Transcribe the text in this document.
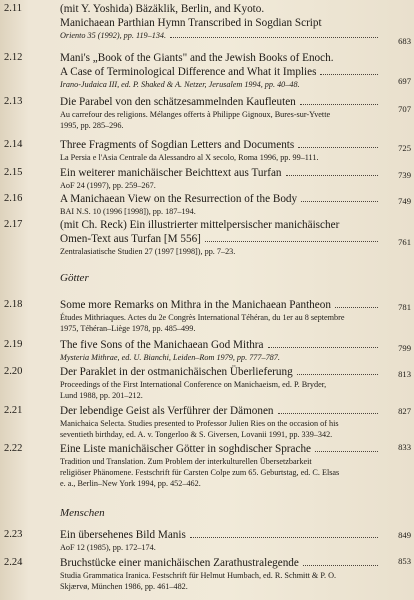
2.11	(mit Y. Yoshida) Bäzäklik, Berlin, and Kyoto.
Manichaean Parthian Hymn Transcribed in Sogdian Script
Oriento 35 (1992), pp. 119–134.
683
2.12	Mani's „Book of the Giants" and the Jewish Books of Enoch.
A Case of Terminological Difference and What it Implies
Irano-Judaica III, ed. P. Shaked & A. Netzer, Jerusalem 1994, pp. 40–48.	697
2.13	Die Parabel von den schätzesammelnden Kaufleuten
Au carrefour des religions. Mélanges offerts à Philippe Gignoux, Bures-sur-Yvette
1995, pp. 285–296.
707
2.14	Three Fragments of Sogdian Letters and Documents
La Persia e l'Asia Centrale da Alessandro al X secolo, Roma 1996, pp. 99–111.
725
2.15	Ein weiterer manichäischer Beichttext aus Turfan
AoF 24 (1997), pp. 259–267.
739
2.16	A Manichaean View on the Resurrection of the Body
BAI N.S. 10 (1996 [1998]), pp. 187–194.
749
2.17	(mit Ch. Reck) Ein illustrierter mittelpersischer manichäischer
Omen-Text aus Turfan [M 556]
Zentralasiatische Studien 27 (1997 [1998]), pp. 7–23.
761
Götter
2.18	Some more Remarks on Mithra in the Manichaean Pantheon
Études Mithriaques. Actes du 2e Congrès International Téhéran, du 1er au 8 septembre
1975, Téhéran–Liège 1978, pp. 485–499.
781
2.19	The five Sons of the Manichaean God Mithra
Mysteria Mithrae, ed. U. Bianchi, Leiden–Rom 1979, pp. 777–787.
799
2.20	Der Paraklet in der ostmanichäischen Überlieferung
Proceedings of the First International Conference on Manichaeism, ed. P. Bryder,
Lund 1988, pp. 201–212.
813
2.21	Der lebendige Geist als Verführer der Dämonen
Manichaica Selecta. Studies presented to Professor Julien Ries on the occasion of his
seventieth birthday, ed. A. v. Tongerloo & S. Giversen, Lovanii 1991, pp. 339–342.
827
2.22	Eine Liste manichäischer Götter in soghdischer Sprache
Tradition und Translation. Zum Problem der interkulturellen Übersetzbarkeit
religiöser Phänomene. Festschrift für Carsten Colpe zum 65. Geburtstag, ed. C. Elsas
e. a., Berlin–New York 1994, pp. 452–462.
833
Menschen
2.23	Ein übersehenes Bild Manis
AoF 12 (1985), pp. 172–174.
849
2.24	Bruchstücke einer manichäischen Zarathustralegende
Studia Grammatica Iranica. Festschrift für Helmut Humbach, ed. R. Schmitt & P. O.
Skjærvø, München 1986, pp. 461–482.
853
